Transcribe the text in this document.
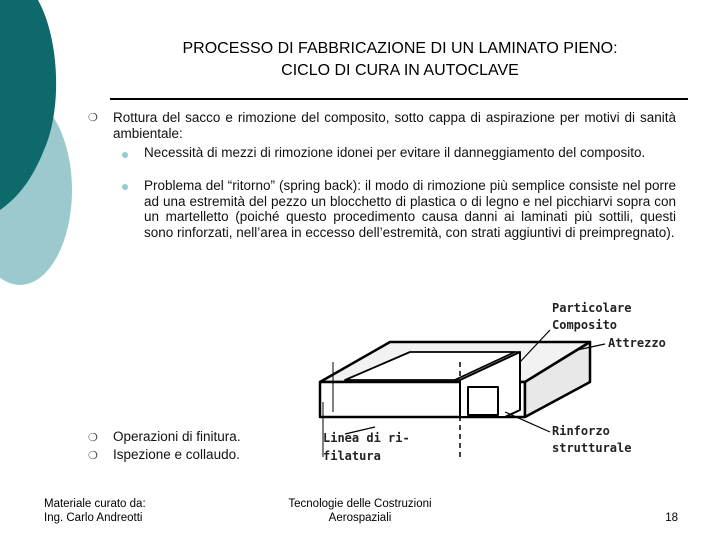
PROCESSO DI FABBRICAZIONE DI UN LAMINATO PIENO:
CICLO DI CURA IN AUTOCLAVE
❍ Rottura del sacco e rimozione del composito, sotto cappa di aspirazione per motivi di sanità ambientale:
Necessità di mezzi di rimozione idonei per evitare il danneggiamento del composito.
Problema del “ritorno” (spring back): il modo di rimozione più semplice consiste nel porre ad una estremità del pezzo un blocchetto di plastica o di legno e nel picchiarvi sopra con un martelletto (poiché questo procedimento causa danni ai laminati più sottili, questi sono rinforzati, nell’area in eccesso dell’estremità, con strati aggiuntivi di preimpregnato).
Particolare
Composito
Attrezzo
Linea di ri-
filatura
Rinforzo
strutturale
❍ Operazioni di finitura.
❍ Ispezione e collaudo.
Materiale curato da:
Ing. Carlo Andreotti
Tecnologie delle Costruzioni
Aerospaziali	18
